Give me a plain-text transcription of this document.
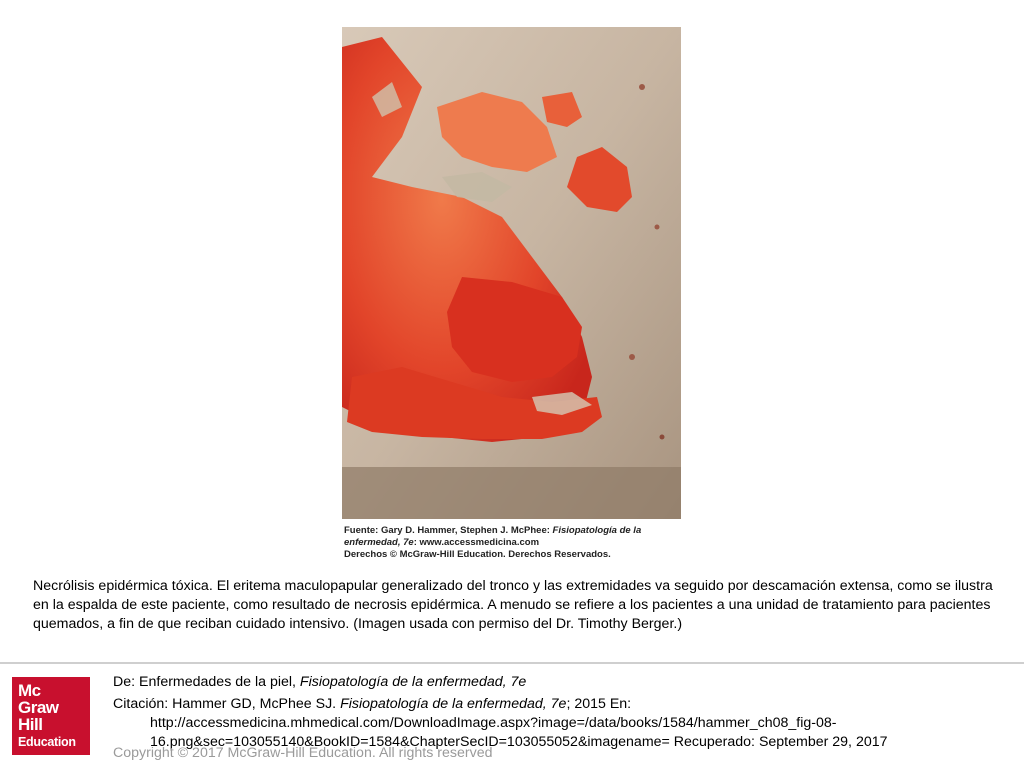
Fuente: Gary D. Hammer, Stephen J. McPhee: Fisiopatología de la
enfermedad, 7e: www.accessmedicina.com
Derechos © McGraw-Hill Education. Derechos Reservados.
Necrólisis epidérmica tóxica. El eritema maculopapular generalizado del tronco y las extremidades va seguido por descamación extensa, como se ilustra en la espalda de este paciente, como resultado de necrosis epidérmica. A menudo se refiere a los pacientes a una unidad de tratamiento para pacientes quemados, a fin de que reciban cuidado intensivo. (Imagen usada con permiso del Dr. Timothy Berger.)
Mc
Graw
Hill
Education
De: Enfermedades de la piel, Fisiopatología de la enfermedad, 7e
Citación: Hammer GD, McPhee SJ. Fisiopatología de la enfermedad, 7e; 2015 En:
http://accessmedicina.mhmedical.com/DownloadImage.aspx?image=/data/books/1584/hammer_ch08_fig-08-
16.png&sec=103055140&BookID=1584&ChapterSecID=103055052&imagename= Recuperado: September 29, 2017
Copyright © 2017 McGraw-Hill Education. All rights reserved
